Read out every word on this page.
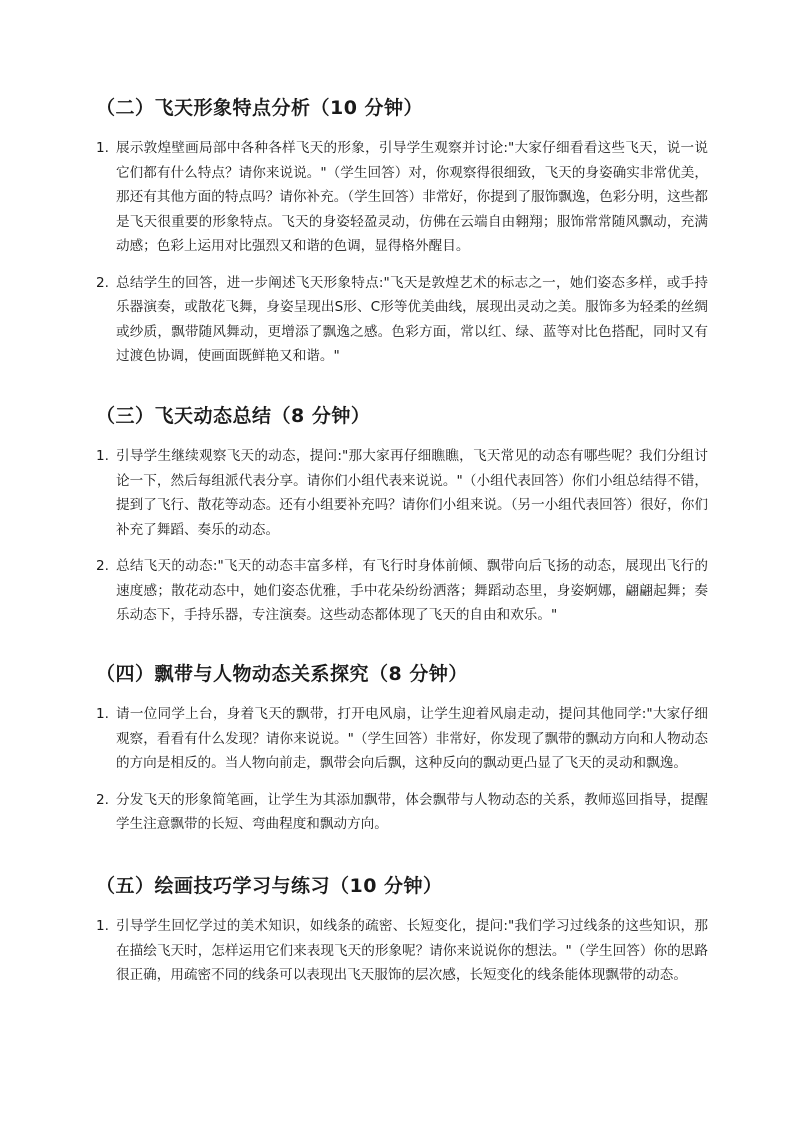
（二）飞天形象特点分析（10 分钟）
1. 展示敦煌壁画局部中各种各样飞天的形象，引导学生观察并讨论:"大家仔细看看这些飞天，说一说它们都有什么特点？请你来说说。"（学生回答）对，你观察得很细致，飞天的身姿确实非常优美，那还有其他方面的特点吗？请你补充。（学生回答）非常好，你提到了服饰飘逸，色彩分明，这些都是飞天很重要的形象特点。飞天的身姿轻盈灵动，仿佛在云端自由翱翔；服饰常常随风飘动，充满动感；色彩上运用对比强烈又和谐的色调，显得格外醒目。
2. 总结学生的回答，进一步阐述飞天形象特点:"飞天是敦煌艺术的标志之一，她们姿态多样，或手持乐器演奏，或散花飞舞，身姿呈现出S形、C形等优美曲线，展现出灵动之美。服饰多为轻柔的丝绸或纱质，飘带随风舞动，更增添了飘逸之感。色彩方面，常以红、绿、蓝等对比色搭配，同时又有过渡色协调，使画面既鲜艳又和谐。"
（三）飞天动态总结（8 分钟）
1. 引导学生继续观察飞天的动态，提问:"那大家再仔细瞧瞧，飞天常见的动态有哪些呢？我们分组讨论一下，然后每组派代表分享。请你们小组代表来说说。"（小组代表回答）你们小组总结得不错，提到了飞行、散花等动态。还有小组要补充吗？请你们小组来说。（另一小组代表回答）很好，你们补充了舞蹈、奏乐的动态。
2. 总结飞天的动态:"飞天的动态丰富多样，有飞行时身体前倾、飘带向后飞扬的动态，展现出飞行的速度感；散花动态中，她们姿态优雅，手中花朵纷纷洒落；舞蹈动态里，身姿婀娜，翩翩起舞；奏乐动态下，手持乐器，专注演奏。这些动态都体现了飞天的自由和欢乐。"
（四）飘带与人物动态关系探究（8 分钟）
1. 请一位同学上台，身着飞天的飘带，打开电风扇，让学生迎着风扇走动，提问其他同学:"大家仔细观察，看看有什么发现？请你来说说。"（学生回答）非常好，你发现了飘带的飘动方向和人物动态的方向是相反的。当人物向前走，飘带会向后飘，这种反向的飘动更凸显了飞天的灵动和飘逸。
2. 分发飞天的形象简笔画，让学生为其添加飘带，体会飘带与人物动态的关系，教师巡回指导，提醒学生注意飘带的长短、弯曲程度和飘动方向。
（五）绘画技巧学习与练习（10 分钟）
1. 引导学生回忆学过的美术知识，如线条的疏密、长短变化，提问:"我们学习过线条的这些知识，那在描绘飞天时，怎样运用它们来表现飞天的形象呢？请你来说说你的想法。"（学生回答）你的思路很正确，用疏密不同的线条可以表现出飞天服饰的层次感，长短变化的线条能体现飘带的动态。
